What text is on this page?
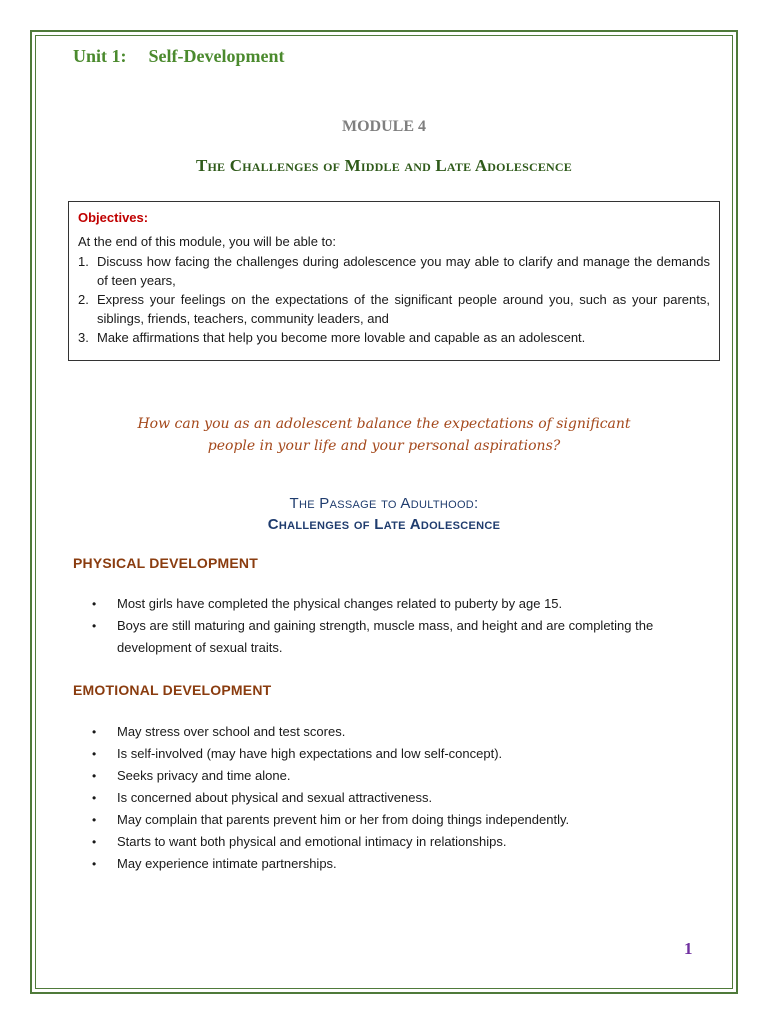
Unit 1: Self-Development
MODULE 4
The Challenges of Middle and Late Adolescence
Objectives:
At the end of this module, you will be able to:
1. Discuss how facing the challenges during adolescence you may able to clarify and manage the demands of teen years,
2. Express your feelings on the expectations of the significant people around you, such as your parents, siblings, friends, teachers, community leaders, and
3. Make affirmations that help you become more lovable and capable as an adolescent.
How can you as an adolescent balance the expectations of significant
people in your life and your personal aspirations?
The Passage to Adulthood:
Challenges of Late Adolescence
PHYSICAL DEVELOPMENT
•	Most girls have completed the physical changes related to puberty by age 15.
•	Boys are still maturing and gaining strength, muscle mass, and height and are completing the development of sexual traits.
EMOTIONAL DEVELOPMENT
•	May stress over school and test scores.
•	Is self-involved (may have high expectations and low self-concept).
•	Seeks privacy and time alone.
•	Is concerned about physical and sexual attractiveness.
•	May complain that parents prevent him or her from doing things independently.
•	Starts to want both physical and emotional intimacy in relationships.
•	May experience intimate partnerships.
1
